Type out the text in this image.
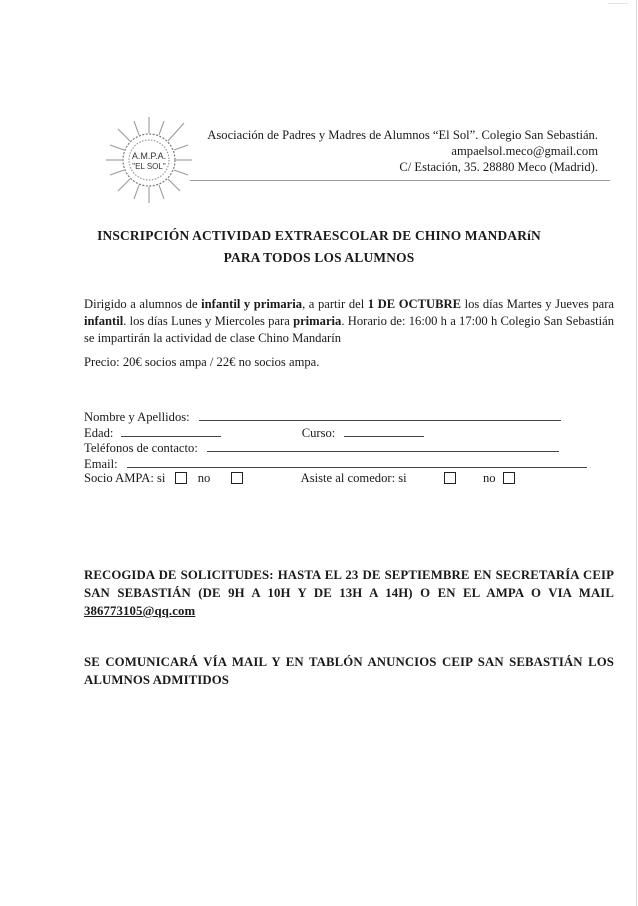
A.M.P.A.
"EL SOL"
Asociación de Padres y Madres de Alumnos “El Sol”. Colegio San Sebastián.
ampaelsol.meco@gmail.com
C/ Estación, 35. 28880 Meco (Madrid).
INSCRIPCIÓN ACTIVIDAD EXTRAESCOLAR DE CHINO MANDARíN
PARA TODOS LOS ALUMNOS
Dirigido a alumnos de infantil y primaria, a partir del 1 DE OCTUBRE los días Martes y Jueves para infantil. los días Lunes y Miercoles para primaria. Horario de: 16:00 h a 17:00 h Colegio San Sebastián se impartirán la actividad de clase Chino Mandarín
Precio: 20€ socios ampa / 22€ no socios ampa.
Nombre y Apellidos:
Edad:	Curso:
Teléfonos de contacto:
Email:
Socio AMPA: si	no	Asiste al comedor: si	no
RECOGIDA DE SOLICITUDES: HASTA EL 23 DE SEPTIEMBRE EN SECRETARÍA CEIP SAN SEBASTIÁN (DE 9H A 10H Y DE 13H A 14H) O EN EL AMPA O VIA MAIL 386773105@qq.com
SE COMUNICARÁ VÍA MAIL Y EN TABLÓN ANUNCIOS CEIP SAN SEBASTIÁN LOS ALUMNOS ADMITIDOS
